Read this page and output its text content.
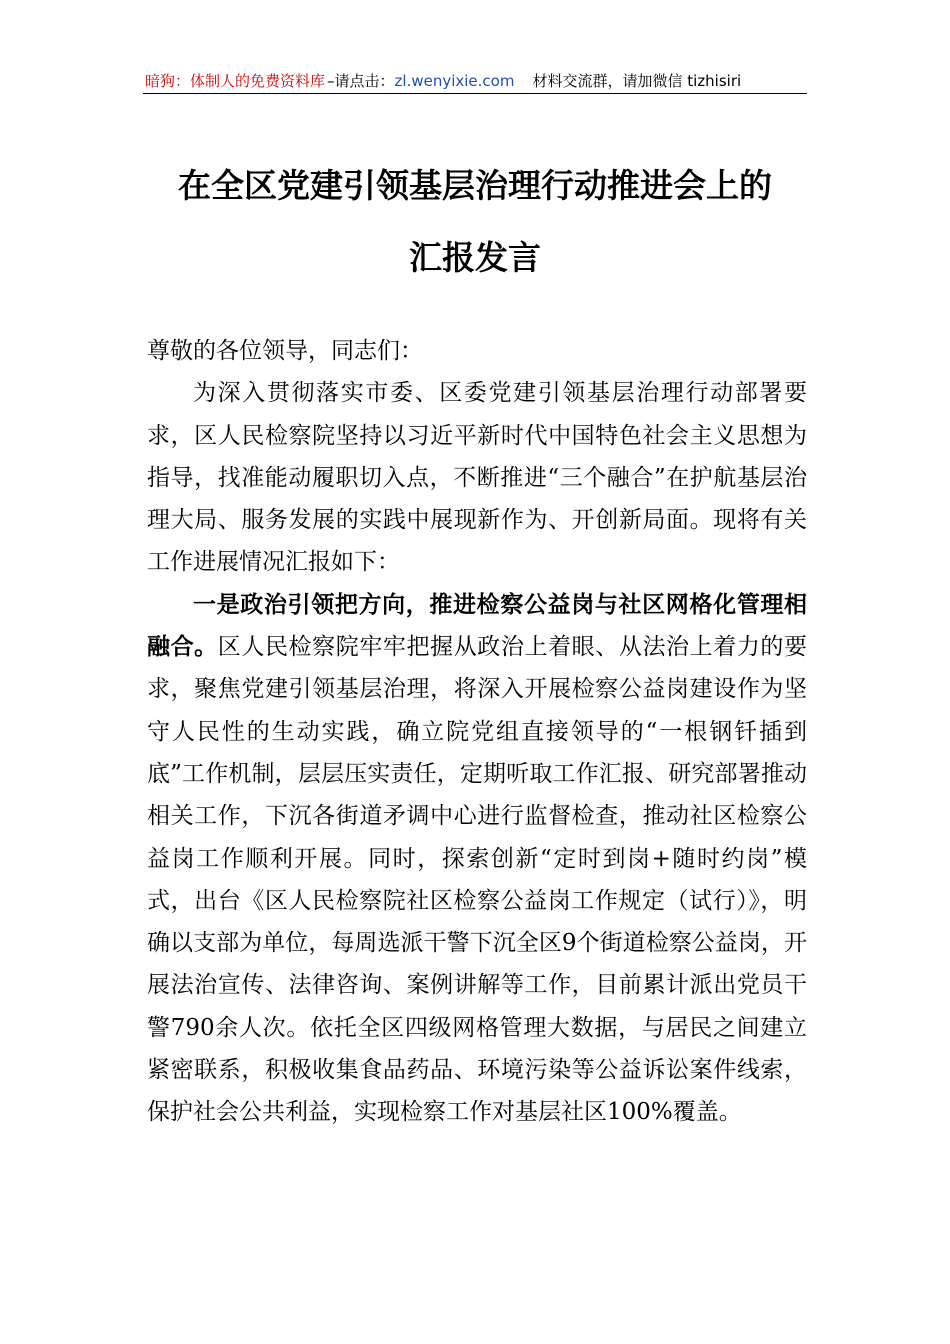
暗狗：体制人的免费资料库 –请点击： zl.wenyixie.com 材料交流群，请加微信 tizhisiri
在全区党建引领基层治理行动推进会上的
汇报发言

尊敬的各位领导，同志们：

为深入贯彻落实市委、区委党建引领基层治理行动部署要求，区人民检察院坚持以习近平新时代中国特色社会主义思想为指导，找准能动履职切入点，不断推进“三个融合”在护航基层治理大局、服务发展的实践中展现新作为、开创新局面。现将有关工作进展情况汇报如下：

一是政治引领把方向，推进检察公益岗与社区网格化管理相融合。区人民检察院牢牢把握从政治上着眼、从法治上着力的要求，聚焦党建引领基层治理，将深入开展检察公益岗建设作为坚守人民性的生动实践，确立院党组直接领导的“一根钢钎插到底”工作机制，层层压实责任，定期听取工作汇报、研究部署推动相关工作，下沉各街道矛调中心进行监督检查，推动社区检察公益岗工作顺利开展。同时，探索创新“定时到岗+随时约岗”模式，出台《区人民检察院社区检察公益岗工作规定（试行）》，明确以支部为单位，每周选派干警下沉全区9个街道检察公益岗，开展法治宣传、法律咨询、案例讲解等工作，目前累计派出党员干警790余人次。依托全区四级网格管理大数据，与居民之间建立紧密联系，积极收集食品药品、环境污染等公益诉讼案件线索，保护社会公共利益，实现检察工作对基层社区100%覆盖。
